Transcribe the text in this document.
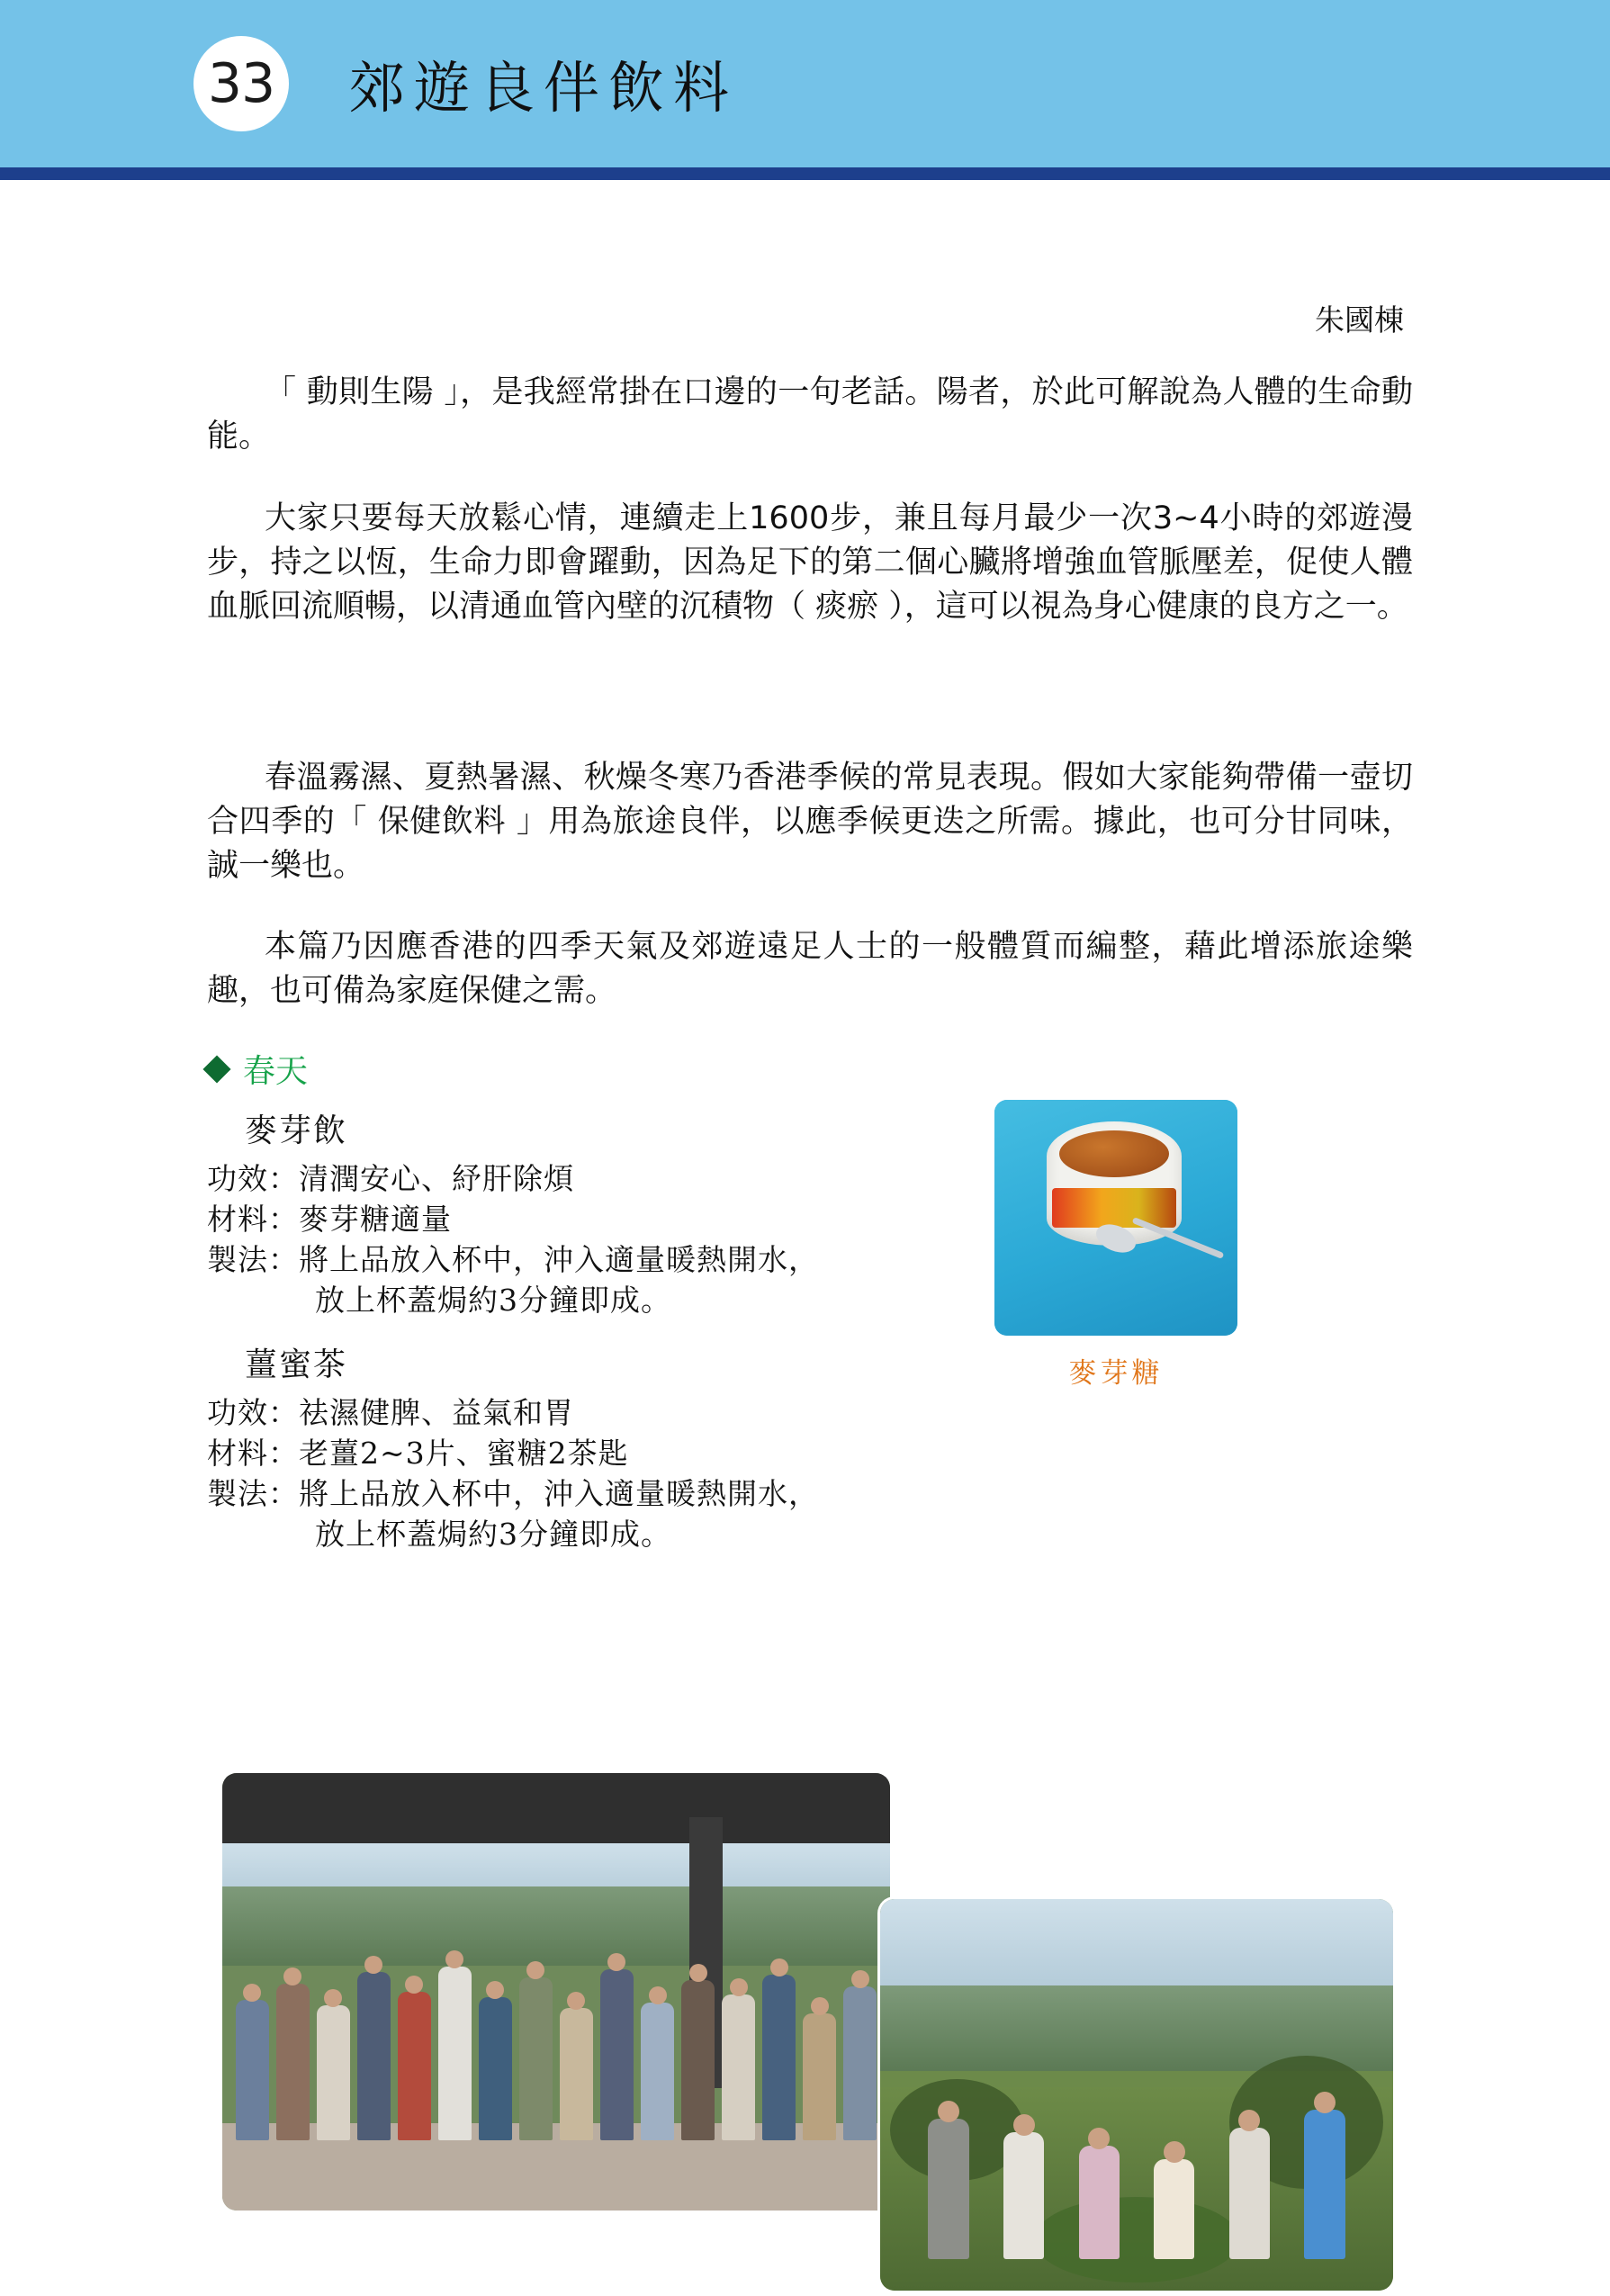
33 郊遊良伴飲料
朱國棟
「 動則生陽 」，是我經常掛在口邊的一句老話。陽者，於此可解說為人體的生命動能。
大家只要每天放鬆心情，連續走上1600步，兼且每月最少一次3~4小時的郊遊漫步，持之以恆，生命力即會躍動，因為足下的第二個心臟將增強血管脈壓差，促使人體血脈回流順暢，以清通血管內壁的沉積物（ 痰瘀 ），這可以視為身心健康的良方之一。
春溫霧濕、夏熱暑濕、秋燥冬寒乃香港季候的常見表現。假如大家能夠帶備一壺切合四季的「 保健飲料 」用為旅途良伴，以應季候更迭之所需。據此，也可分甘同味，誠一樂也。
本篇乃因應香港的四季天氣及郊遊遠足人士的一般體質而編整，藉此增添旅途樂趣，也可備為家庭保健之需。
春天
麥芽飲
功效：清潤安心、紓肝除煩
材料：麥芽糖適量
製法：將上品放入杯中，沖入適量暖熱開水，
放上杯蓋焗約3分鐘即成。
薑蜜茶
功效：祛濕健脾、益氣和胃
材料：老薑2~3片、蜜糖2茶匙
製法：將上品放入杯中，沖入適量暖熱開水，
放上杯蓋焗約3分鐘即成。
麥芽糖
